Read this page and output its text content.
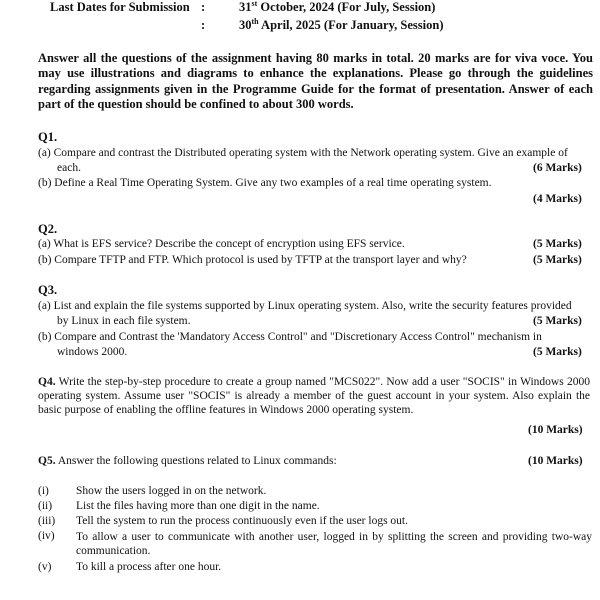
Last Dates for Submission :	31st October, 2024 (For July, Session)
:	30th April, 2025 (For January, Session)
Answer all the questions of the assignment having 80 marks in total. 20 marks are for viva voce. You may use illustrations and diagrams to enhance the explanations. Please go through the guidelines regarding assignments given in the Programme Guide for the format of presentation. Answer of each part of the question should be confined to about 300 words.
Q1.
(a) Compare and contrast the Distributed operating system with the Network operating system. Give an example of
each.	(6 Marks)
(b) Define a Real Time Operating System. Give any two examples of a real time operating system.
(4 Marks)
Q2.
(a) What is EFS service? Describe the concept of encryption using EFS service.	(5 Marks)
(b) Compare TFTP and FTP. Which protocol is used by TFTP at the transport layer and why?	(5 Marks)
Q3.
(a) List and explain the file systems supported by Linux operating system. Also, write the security features provided
by Linux in each file system.	(5 Marks)
(b) Compare and Contrast the 'Mandatory Access Control" and "Discretionary Access Control" mechanism in
windows 2000.	(5 Marks)
Q4. Write the step-by-step procedure to create a group named "MCS022". Now add a user "SOCIS" in Windows 2000 operating system. Assume user "SOCIS" is already a member of the guest account in your system. Also explain the basic purpose of enabling the offline features in Windows 2000 operating system.
(10 Marks)
Q5. Answer the following questions related to Linux commands:	(10 Marks)
(i) Show the users logged in on the network.
(ii) List the files having more than one digit in the name.
(iii) Tell the system to run the process continuously even if the user logs out.
(iv) To allow a user to communicate with another user, logged in by splitting the screen and providing two-way communication.
(v) To kill a process after one hour.
